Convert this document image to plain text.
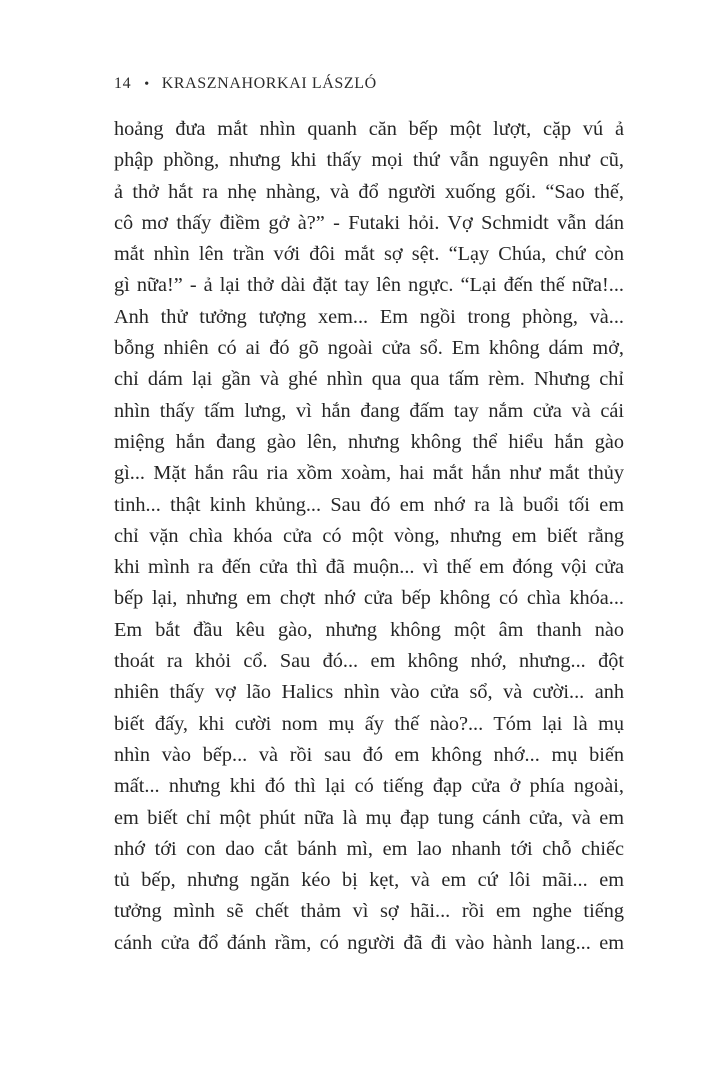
14 • KRASZNAHORKAI LÁSZLÓ
hoảng đưa mắt nhìn quanh căn bếp một lượt, cặp vú ả
phập phồng, nhưng khi thấy mọi thứ vẫn nguyên như cũ,
ả thở hắt ra nhẹ nhàng, và đổ người xuống gối. “Sao thế,
cô mơ thấy điềm gở à?” - Futaki hỏi. Vợ Schmidt vẫn dán
mắt nhìn lên trần với đôi mắt sợ sệt. “Lạy Chúa, chứ còn
gì nữa!” - ả lại thở dài đặt tay lên ngực. “Lại đến thế nữa!...
Anh thử tưởng tượng xem... Em ngồi trong phòng, và...
bỗng nhiên có ai đó gõ ngoài cửa sổ. Em không dám mở,
chỉ dám lại gần và ghé nhìn qua qua tấm rèm. Nhưng chỉ
nhìn thấy tấm lưng, vì hắn đang đấm tay nắm cửa và cái
miệng hắn đang gào lên, nhưng không thể hiểu hắn gào
gì... Mặt hắn râu ria xồm xoàm, hai mắt hắn như mắt thủy
tinh... thật kinh khủng... Sau đó em nhớ ra là buổi tối em
chỉ vặn chìa khóa cửa có một vòng, nhưng em biết rằng
khi mình ra đến cửa thì đã muộn... vì thế em đóng vội cửa
bếp lại, nhưng em chợt nhớ cửa bếp không có chìa khóa...
Em bắt đầu kêu gào, nhưng không một âm thanh nào
thoát ra khỏi cổ. Sau đó... em không nhớ, nhưng... đột
nhiên thấy vợ lão Halics nhìn vào cửa sổ, và cười... anh
biết đấy, khi cười nom mụ ấy thế nào?... Tóm lại là mụ
nhìn vào bếp... và rồi sau đó em không nhớ... mụ biến
mất... nhưng khi đó thì lại có tiếng đạp cửa ở phía ngoài,
em biết chỉ một phút nữa là mụ đạp tung cánh cửa, và em
nhớ tới con dao cắt bánh mì, em lao nhanh tới chỗ chiếc
tủ bếp, nhưng ngăn kéo bị kẹt, và em cứ lôi mãi... em
tưởng mình sẽ chết thảm vì sợ hãi... rồi em nghe tiếng
cánh cửa đổ đánh rầm, có người đã đi vào hành lang... em
